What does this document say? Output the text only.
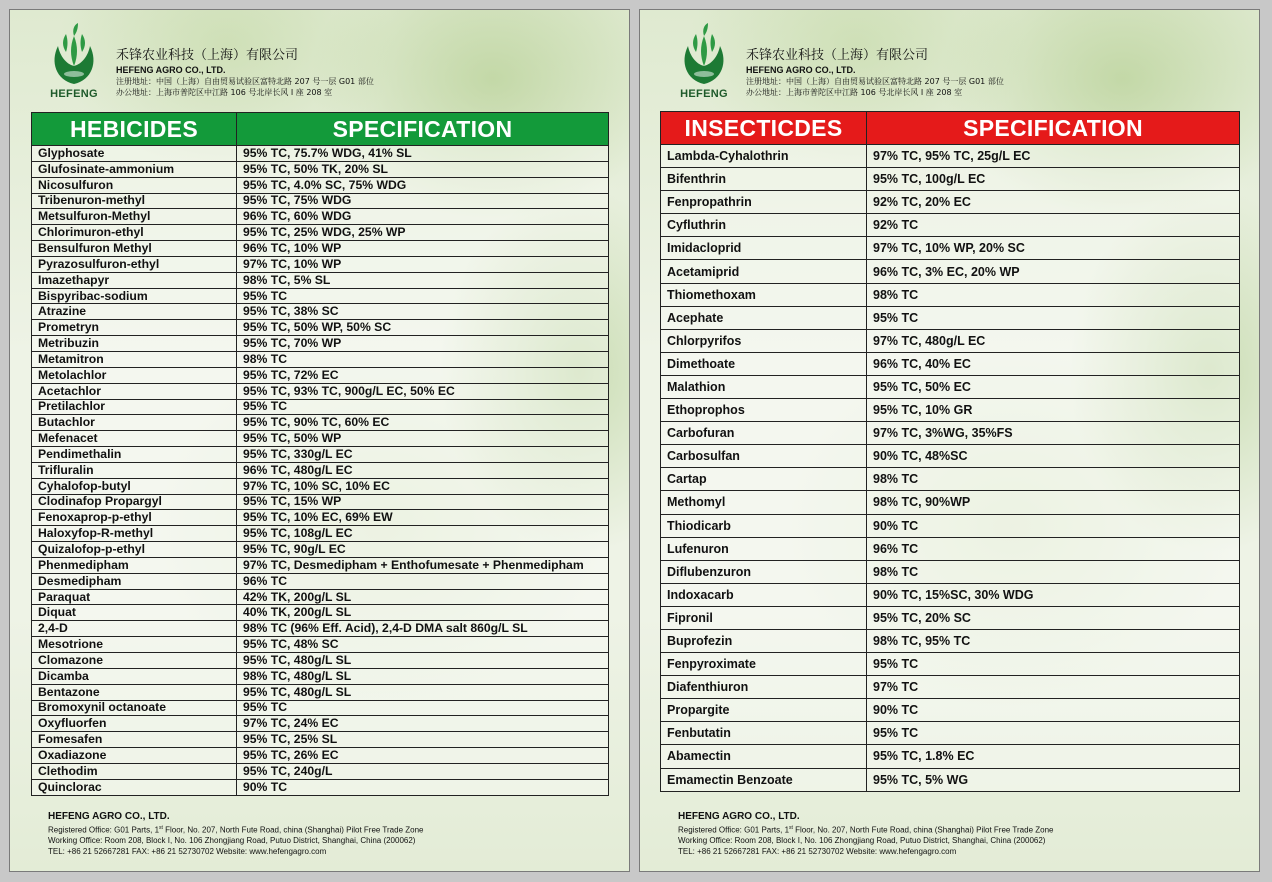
HEFENG
禾锋农业科技（上海）有限公司
HEFENG AGRO CO., LTD.
注册地址：中国（上海）自由贸易试验区富特北路 207 号一层 G01 部位
办公地址：上海市普陀区中江路 106 号北岸长风 I 座 208 室
HEBICIDES	SPECIFICATION
Glyphosate	95% TC, 75.7% WDG, 41% SL
Glufosinate-ammonium	95% TC, 50% TK, 20% SL
Nicosulfuron	95% TC, 4.0% SC, 75% WDG
Tribenuron-methyl	95% TC, 75% WDG
Metsulfuron-Methyl	96% TC, 60% WDG
Chlorimuron-ethyl	95% TC, 25% WDG, 25% WP
Bensulfuron Methyl	96% TC, 10% WP
Pyrazosulfuron-ethyl	97% TC, 10% WP
Imazethapyr	98% TC, 5% SL
Bispyribac-sodium	95% TC
Atrazine	95% TC, 38% SC
Prometryn	95% TC, 50% WP, 50% SC
Metribuzin	95% TC, 70% WP
Metamitron	98% TC
Metolachlor	95% TC, 72% EC
Acetachlor	95% TC, 93% TC, 900g/L EC, 50% EC
Pretilachlor	95% TC
Butachlor	95% TC, 90% TC, 60% EC
Mefenacet	95% TC, 50% WP
Pendimethalin	95% TC, 330g/L EC
Trifluralin	96% TC, 480g/L EC
Cyhalofop-butyl	97% TC, 10% SC, 10% EC
Clodinafop Propargyl	95% TC, 15% WP
Fenoxaprop-p-ethyl	95% TC, 10% EC, 69% EW
Haloxyfop-R-methyl	95% TC, 108g/L EC
Quizalofop-p-ethyl	95% TC, 90g/L EC
Phenmedipham	97% TC, Desmedipham + Enthofumesate + Phenmedipham
Desmedipham	96% TC
Paraquat	42% TK, 200g/L SL
Diquat	40% TK, 200g/L SL
2,4-D	98% TC (96% Eff. Acid), 2,4-D DMA salt 860g/L SL
Mesotrione	95% TC, 48% SC
Clomazone	95% TC, 480g/L SL
Dicamba	98% TC, 480g/L SL
Bentazone	95% TC, 480g/L SL
Bromoxynil octanoate	95% TC
Oxyfluorfen	97% TC, 24% EC
Fomesafen	95% TC, 25% SL
Oxadiazone	95% TC, 26% EC
Clethodim	95% TC, 240g/L
Quinclorac	90% TC
HEFENG AGRO CO., LTD.
Registered Office: G01 Parts, 1st Floor, No. 207, North Fute Road, china (Shanghai) Pilot Free Trade Zone
Working Office: Room 208, Block I, No. 106 Zhongjiang Road, Putuo District, Shanghai, China (200062)
TEL: +86 21 52667281 FAX: +86 21 52730702 Website: www.hefengagro.com
HEFENG
禾锋农业科技（上海）有限公司
HEFENG AGRO CO., LTD.
注册地址：中国（上海）自由贸易试验区富特北路 207 号一层 G01 部位
办公地址：上海市普陀区中江路 106 号北岸长风 I 座 208 室
INSECTICDES	SPECIFICATION
Lambda-Cyhalothrin	97% TC, 95% TC, 25g/L EC
Bifenthrin	95% TC, 100g/L EC
Fenpropathrin	92% TC, 20% EC
Cyfluthrin	92% TC
Imidacloprid	97% TC, 10% WP, 20% SC
Acetamiprid	96% TC, 3% EC, 20% WP
Thiomethoxam	98% TC
Acephate	95% TC
Chlorpyrifos	97% TC, 480g/L EC
Dimethoate	96% TC, 40% EC
Malathion	95% TC, 50% EC
Ethoprophos	95% TC, 10% GR
Carbofuran	97% TC, 3%WG, 35%FS
Carbosulfan	90% TC, 48%SC
Cartap	98% TC
Methomyl	98% TC, 90%WP
Thiodicarb	90% TC
Lufenuron	96% TC
Diflubenzuron	98% TC
Indoxacarb	90% TC, 15%SC, 30% WDG
Fipronil	95% TC, 20% SC
Buprofezin	98% TC, 95% TC
Fenpyroximate	95% TC
Diafenthiuron	97% TC
Propargite	90% TC
Fenbutatin	95% TC
Abamectin	95% TC, 1.8% EC
Emamectin Benzoate	95% TC, 5% WG
HEFENG AGRO CO., LTD.
Registered Office: G01 Parts, 1st Floor, No. 207, North Fute Road, china (Shanghai) Pilot Free Trade Zone
Working Office: Room 208, Block I, No. 106 Zhongjiang Road, Putuo District, Shanghai, China (200062)
TEL: +86 21 52667281 FAX: +86 21 52730702 Website: www.hefengagro.com
